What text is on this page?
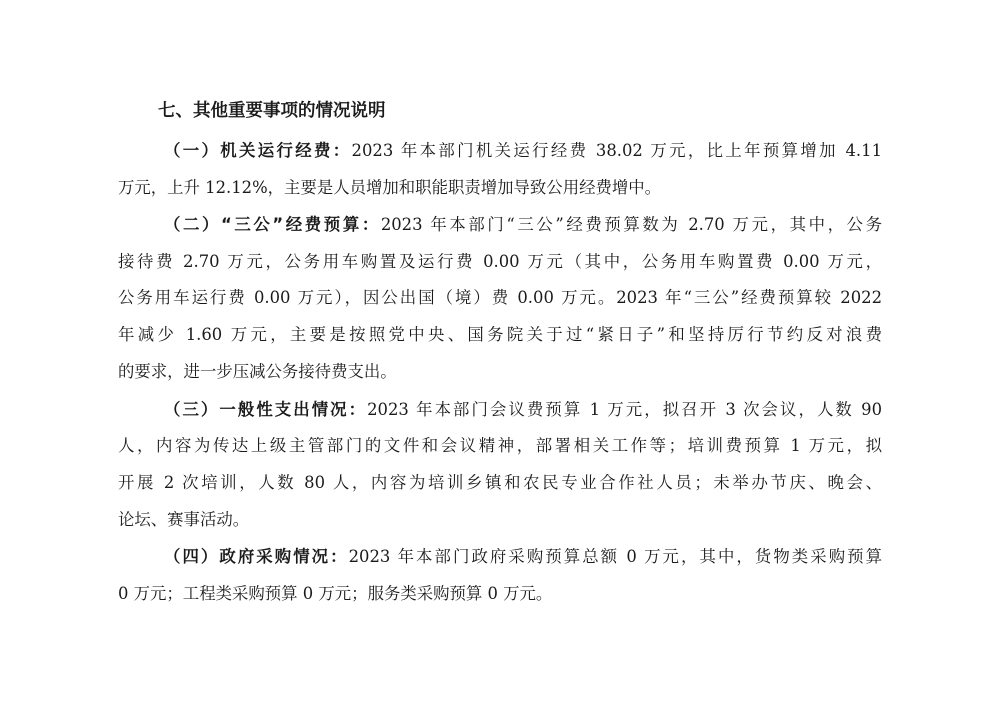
七、其他重要事项的情况说明
（一）机关运行经费：2023 年本部门机关运行经费 38.02 万元，比上年预算增加 4.11
万元，上升 12.12%，主要是人员增加和职能职责增加导致公用经费增中。
（二）“三公”经费预算：2023 年本部门“三公”经费预算数为 2.70 万元，其中，公务
接待费 2.70 万元，公务用车购置及运行费 0.00 万元（其中，公务用车购置费 0.00 万元，
公务用车运行费 0.00 万元），因公出国（境）费 0.00 万元。2023 年“三公”经费预算较 2022
年减少 1.60 万元，主要是按照党中央、国务院关于过“紧日子”和坚持厉行节约反对浪费
的要求，进一步压减公务接待费支出。
（三）一般性支出情况：2023 年本部门会议费预算 1 万元，拟召开 3 次会议，人数 90
人，内容为传达上级主管部门的文件和会议精神，部署相关工作等；培训费预算 1 万元，拟
开展 2 次培训，人数 80 人，内容为培训乡镇和农民专业合作社人员；未举办节庆、晚会、
论坛、赛事活动。
（四）政府采购情况：2023 年本部门政府采购预算总额 0 万元，其中，货物类采购预算
0 万元；工程类采购预算 0 万元；服务类采购预算 0 万元。
